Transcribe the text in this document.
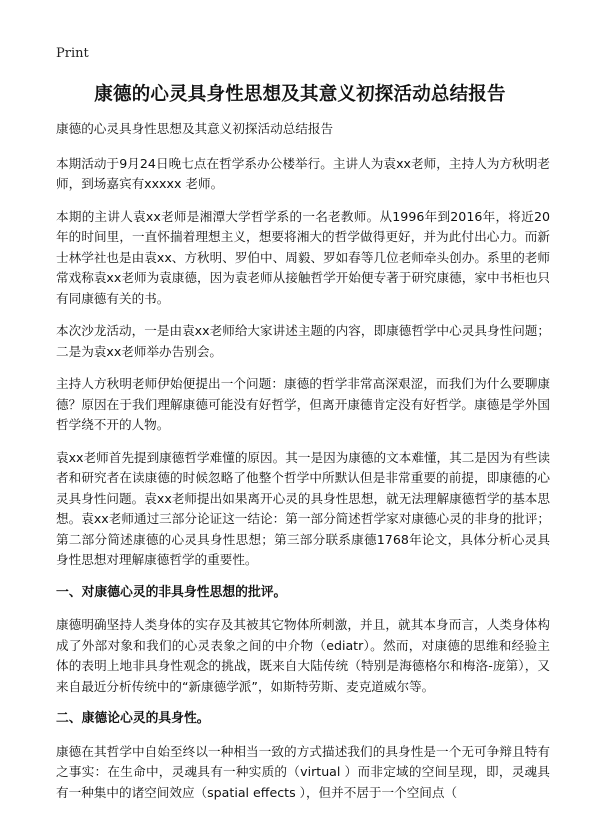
Print
康德的心灵具身性思想及其意义初探活动总结报告

康德的心灵具身性思想及其意义初探活动总结报告

本期活动于9月24日晚七点在哲学系办公楼举行。主讲人为袁xx老师，主持人为方秋明老师，到场嘉宾有xxxxx 老师。

本期的主讲人袁xx老师是湘潭大学哲学系的一名老教师。从1996年到2016年，将近20年的时间里，一直怀揣着理想主义，想要将湘大的哲学做得更好，并为此付出心力。而新士林学社也是由袁xx、方秋明、罗伯中、周毅、罗如春等几位老师牵头创办。系里的老师常戏称袁xx老师为袁康德，因为袁老师从接触哲学开始便专著于研究康德，家中书柜也只有同康德有关的书。

本次沙龙活动，一是由袁xx老师给大家讲述主题的内容，即康德哲学中心灵具身性问题；二是为袁xx老师举办告别会。

主持人方秋明老师伊始便提出一个问题：康德的哲学非常高深艰涩，而我们为什么要聊康德？原因在于我们理解康德可能没有好哲学，但离开康德肯定没有好哲学。康德是学外国哲学绕不开的人物。

袁xx老师首先提到康德哲学难懂的原因。其一是因为康德的文本难懂，其二是因为有些读者和研究者在读康德的时候忽略了他整个哲学中所默认但是非常重要的前提，即康德的心灵具身性问题。袁xx老师提出如果离开心灵的具身性思想，就无法理解康德哲学的基本思想。袁xx老师通过三部分论证这一结论：第一部分简述哲学家对康德心灵的非身的批评；第二部分简述康德的心灵具身性思想；第三部分联系康德1768年论文，具体分析心灵具身性思想对理解康德哲学的重要性。

一、对康德心灵的非具身性思想的批评。

康德明确坚持人类身体的实存及其被其它物体所刺激，并且，就其本身而言，人类身体构成了外部对象和我们的心灵表象之间的中介物（ediatr）。然而，对康德的思维和经验主体的表明上地非具身性观念的挑战，既来自大陆传统（特别是海德格尔和梅洛-庞第），又来自最近分析传统中的“新康德学派”，如斯特劳斯、麦克道威尔等。

二、康德论心灵的具身性。

康德在其哲学中自始至终以一种相当一致的方式描述我们的具身性是一个无可争辩且特有之事实：在生命中，灵魂具有一种实质的（virtual ）而非定域的空间呈现，即，灵魂具有一种集中的诸空间效应（spatial effects ），但并不居于一个空间点（
